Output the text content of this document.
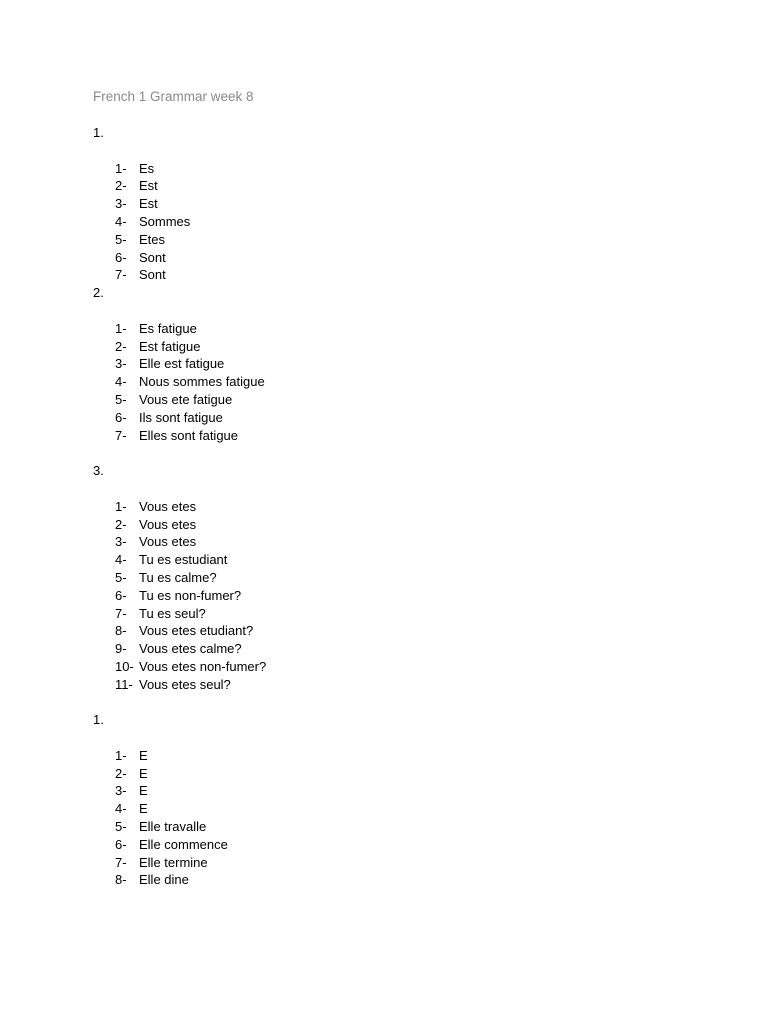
French 1 Grammar week 8
1.
1- Es
2- Est
3- Est
4- Sommes
5- Etes
6- Sont
7- Sont
2.
1- Es fatigue
2- Est fatigue
3- Elle est fatigue
4- Nous sommes fatigue
5- Vous ete fatigue
6- Ils sont fatigue
7- Elles sont fatigue
3.
1- Vous etes
2- Vous etes
3- Vous etes
4- Tu es estudiant
5- Tu es calme?
6- Tu es non-fumer?
7- Tu es seul?
8- Vous etes etudiant?
9- Vous etes calme?
10- Vous etes non-fumer?
11- Vous etes seul?
1.
1- E
2- E
3- E
4- E
5- Elle travalle
6- Elle commence
7- Elle termine
8- Elle dine
